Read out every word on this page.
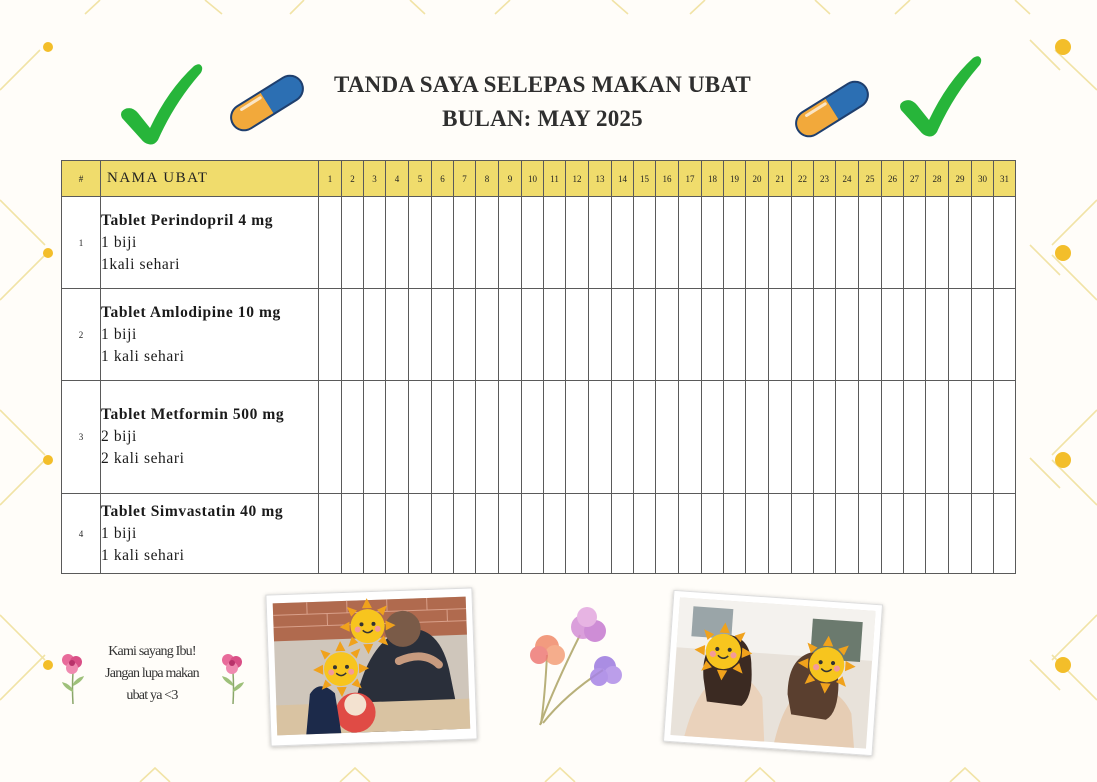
TANDA SAYA SELEPAS MAKAN UBAT
BULAN: MAY 2025
#	NAMA UBAT	1	2	3	4	5	6	7	8	9	10	11	12	13	14	15	16	17	18	19	20	21	22	23	24	25	26	27	28	29	30	31
1	Tablet Perindopril 4 mg
1 biji
1kali sehari																															

2	Tablet Amlodipine 10 mg
1 biji
1 kali sehari																															

3	Tablet Metformin 500 mg
2 biji
2 kali sehari																															

4	Tablet Simvastatin 40 mg
1 biji
1 kali sehari																															

Kami sayang Ibu!
Jangan lupa makan
ubat ya <3
